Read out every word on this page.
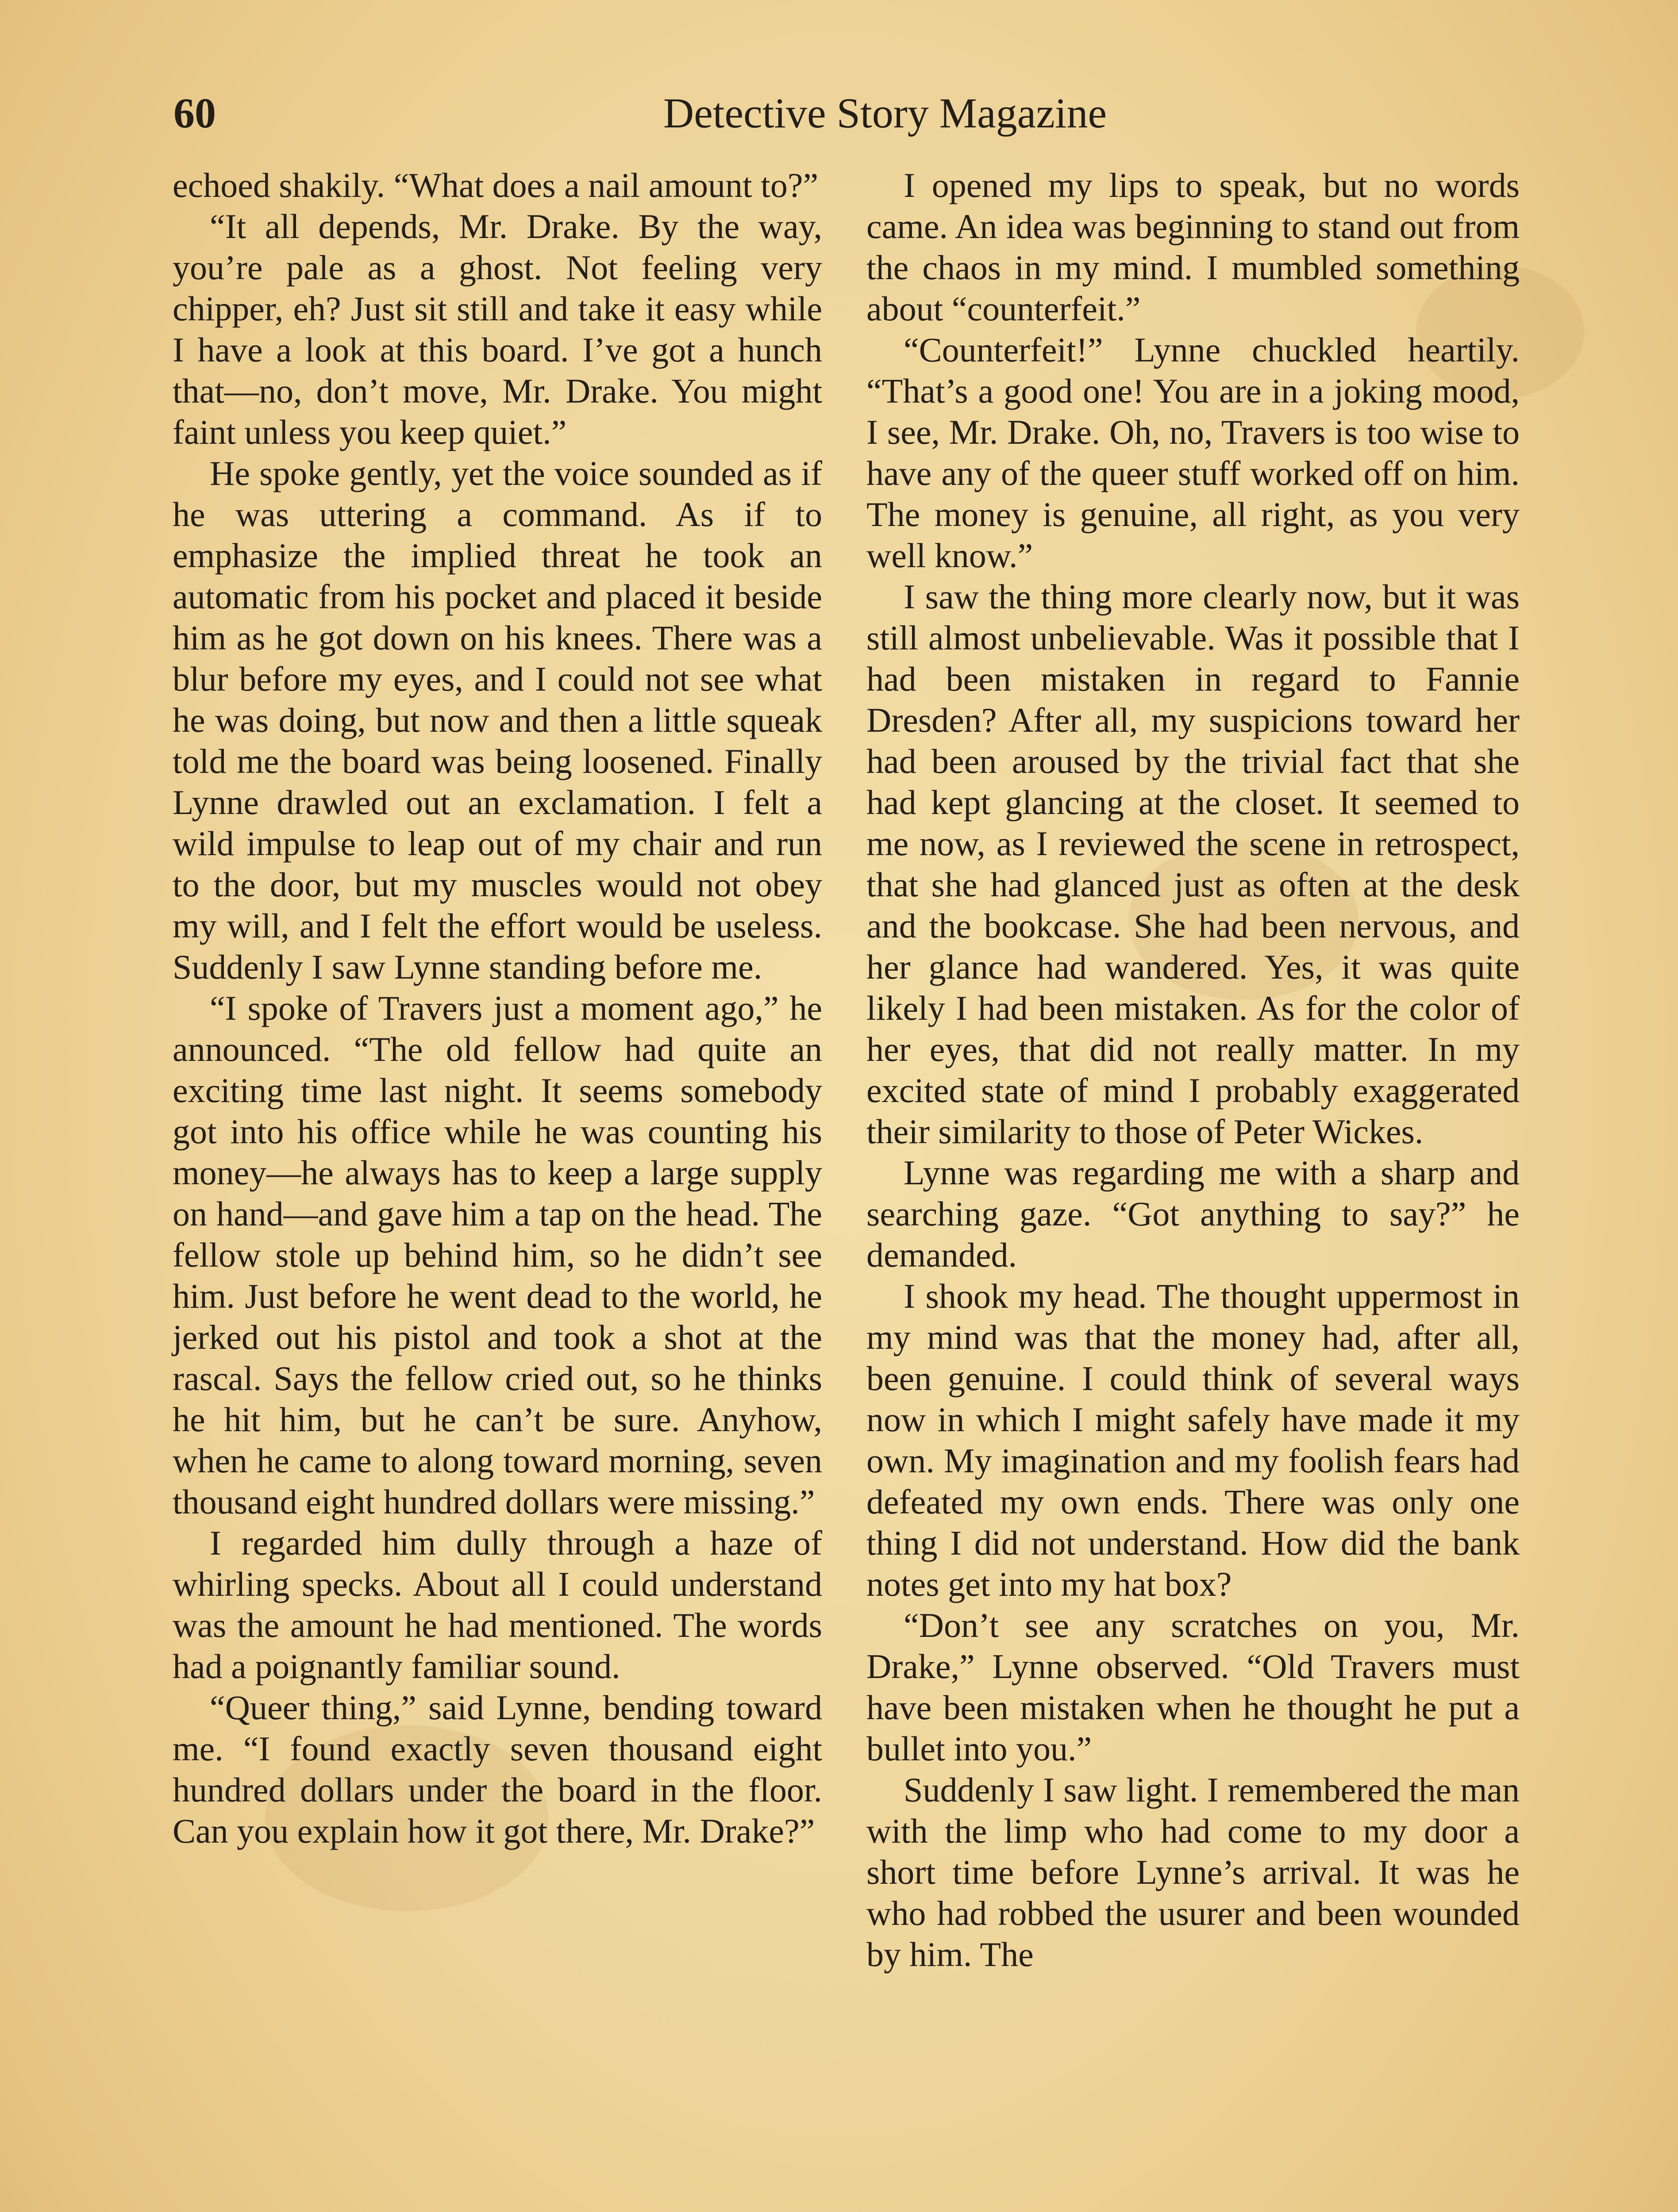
60	Detective Story Magazine

echoed shakily. “What does a nail amount to?”

“It all depends, Mr. Drake. By the way, you’re pale as a ghost. Not feeling very chipper, eh? Just sit still and take it easy while I have a look at this board. I’ve got a hunch that—no, don’t move, Mr. Drake. You might faint unless you keep quiet.”

He spoke gently, yet the voice sounded as if he was uttering a command. As if to emphasize the implied threat he took an automatic from his pocket and placed it beside him as he got down on his knees. There was a blur before my eyes, and I could not see what he was doing, but now and then a little squeak told me the board was being loosened. Finally Lynne drawled out an exclamation. I felt a wild impulse to leap out of my chair and run to the door, but my muscles would not obey my will, and I felt the effort would be useless. Suddenly I saw Lynne standing before me.

“I spoke of Travers just a moment ago,” he announced. “The old fellow had quite an exciting time last night. It seems somebody got into his office while he was counting his money—he always has to keep a large supply on hand—and gave him a tap on the head. The fellow stole up behind him, so he didn’t see him. Just before he went dead to the world, he jerked out his pistol and took a shot at the rascal. Says the fellow cried out, so he thinks he hit him, but he can’t be sure. Anyhow, when he came to along toward morning, seven thousand eight hundred dollars were missing.”

I regarded him dully through a haze of whirling specks. About all I could understand was the amount he had mentioned. The words had a poignantly familiar sound.

“Queer thing,” said Lynne, bending toward me. “I found exactly seven thousand eight hundred dollars under the board in the floor. Can you explain how it got there, Mr. Drake?”

I opened my lips to speak, but no words came. An idea was beginning to stand out from the chaos in my mind. I mumbled something about “counterfeit.”

“Counterfeit!” Lynne chuckled heartily. “That’s a good one! You are in a joking mood, I see, Mr. Drake. Oh, no, Travers is too wise to have any of the queer stuff worked off on him. The money is genuine, all right, as you very well know.”

I saw the thing more clearly now, but it was still almost unbelievable. Was it possible that I had been mistaken in regard to Fannie Dresden? After all, my suspicions toward her had been aroused by the trivial fact that she had kept glancing at the closet. It seemed to me now, as I reviewed the scene in retrospect, that she had glanced just as often at the desk and the bookcase. She had been nervous, and her glance had wandered. Yes, it was quite likely I had been mistaken. As for the color of her eyes, that did not really matter. In my excited state of mind I probably exaggerated their similarity to those of Peter Wickes.

Lynne was regarding me with a sharp and searching gaze. “Got anything to say?” he demanded.

I shook my head. The thought uppermost in my mind was that the money had, after all, been genuine. I could think of several ways now in which I might safely have made it my own. My imagination and my foolish fears had defeated my own ends. There was only one thing I did not understand. How did the bank notes get into my hat box?

“Don’t see any scratches on you, Mr. Drake,” Lynne observed. “Old Travers must have been mistaken when he thought he put a bullet into you.”

Suddenly I saw light. I remembered the man with the limp who had come to my door a short time before Lynne’s arrival. It was he who had robbed the usurer and been wounded by him. The
